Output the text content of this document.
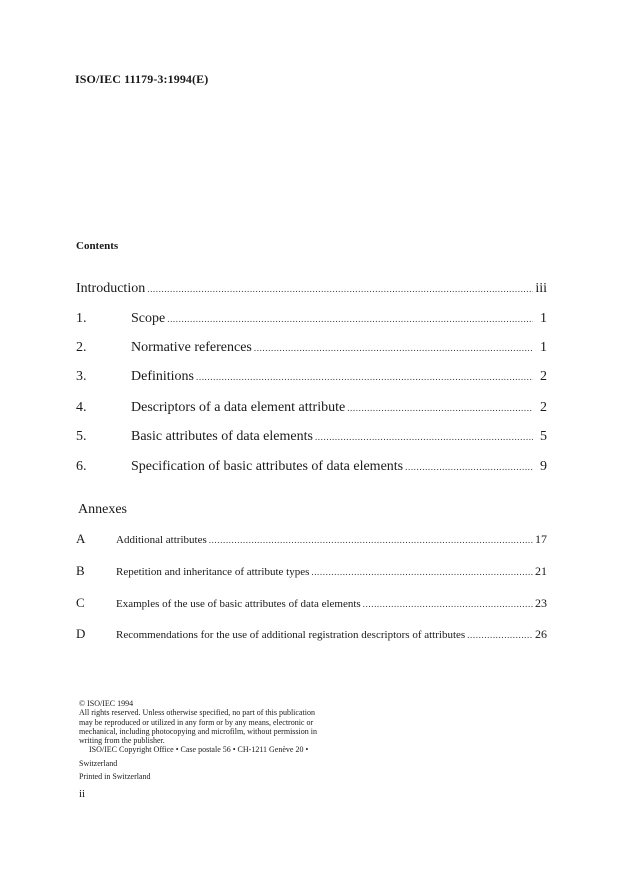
ISO/IEC 11179-3:1994(E)
Contents
Introduction .....	iii
1.	Scope .....	1
2.	Normative references .....	1
3.	Definitions .....	2
4.	Descriptors of a data element attribute .....	2
5.	Basic attributes of data elements .....	5
6.	Specification of basic attributes of data elements .....	9
Annexes
A	Additional attributes .....	17
B	Repetition and inheritance of attribute types .....	21
C	Examples of the use of basic attributes of data elements .....	23
D	Recommendations for the use of additional registration descriptors of attributes .....	26

© ISO/IEC 1994

All rights reserved. Unless otherwise specified, no part of this publication

may be reproduced or utilized in any form or by any means, electronic or

mechanical, including photocopying and microfilm, without permission in

writing from the publisher.

ISO/IEC Copyright Office • Case postale 56 • CH-1211 Genève 20 •

Switzerland

Printed in Switzerland

ii
